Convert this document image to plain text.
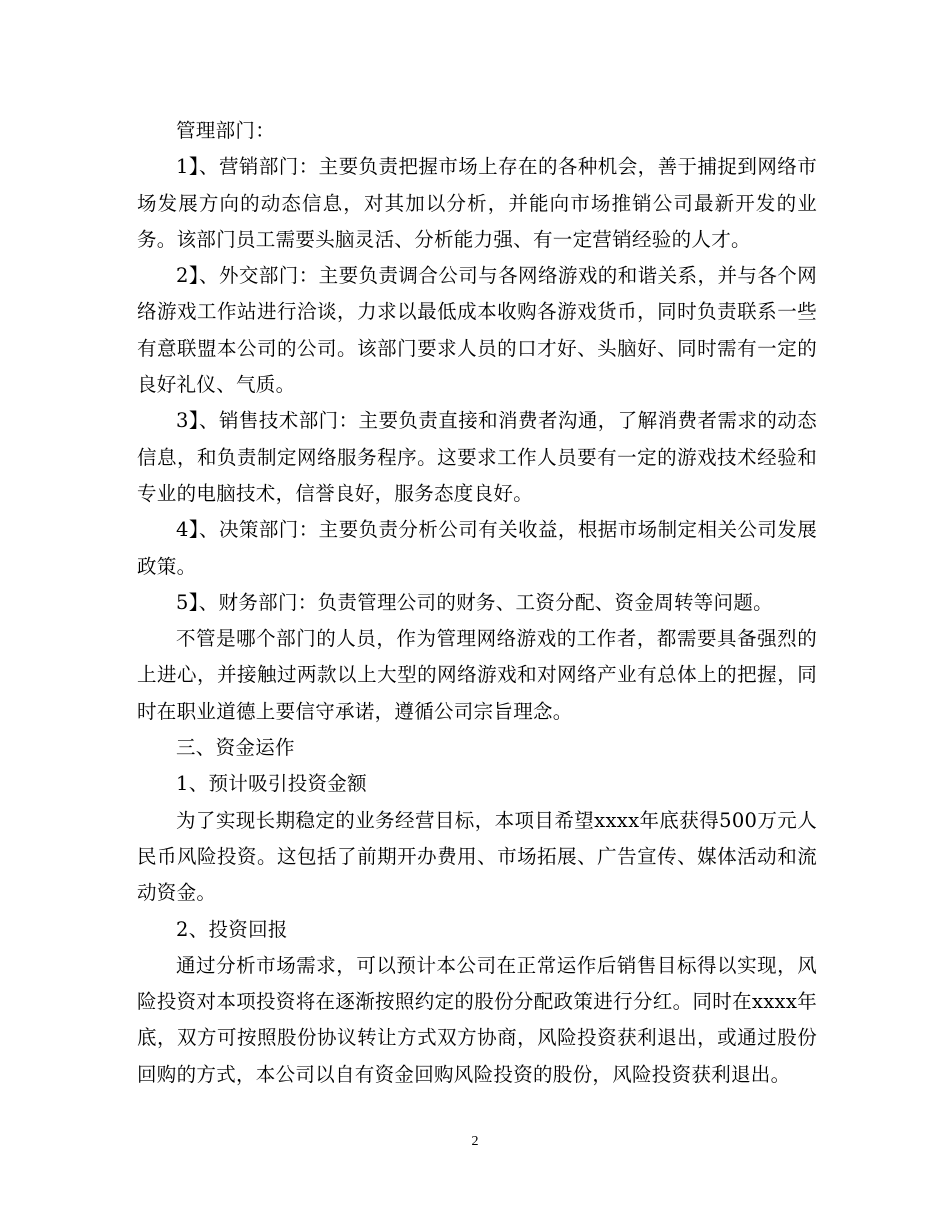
管理部门：

1】、营销部门：主要负责把握市场上存在的各种机会，善于捕捉到网络市场发展方向的动态信息，对其加以分析，并能向市场推销公司最新开发的业务。该部门员工需要头脑灵活、分析能力强、有一定营销经验的人才。

2】、外交部门：主要负责调合公司与各网络游戏的和谐关系，并与各个网络游戏工作站进行洽谈，力求以最低成本收购各游戏货币，同时负责联系一些有意联盟本公司的公司。该部门要求人员的口才好、头脑好、同时需有一定的良好礼仪、气质。

3】、销售技术部门：主要负责直接和消费者沟通，了解消费者需求的动态信息，和负责制定网络服务程序。这要求工作人员要有一定的游戏技术经验和专业的电脑技术，信誉良好，服务态度良好。

4】、决策部门：主要负责分析公司有关收益，根据市场制定相关公司发展政策。

5】、财务部门：负责管理公司的财务、工资分配、资金周转等问题。

不管是哪个部门的人员，作为管理网络游戏的工作者，都需要具备强烈的上进心，并接触过两款以上大型的网络游戏和对网络产业有总体上的把握，同时在职业道德上要信守承诺，遵循公司宗旨理念。

三、资金运作

1、预计吸引投资金额

为了实现长期稳定的业务经营目标，本项目希望xxxx年底获得500万元人民币风险投资。这包括了前期开办费用、市场拓展、广告宣传、媒体活动和流动资金。

2、投资回报

通过分析市场需求，可以预计本公司在正常运作后销售目标得以实现，风险投资对本项投资将在逐渐按照约定的股份分配政策进行分红。同时在xxxx年底，双方可按照股份协议转让方式双方协商，风险投资获利退出，或通过股份回购的方式，本公司以自有资金回购风险投资的股份，风险投资获利退出。

2
